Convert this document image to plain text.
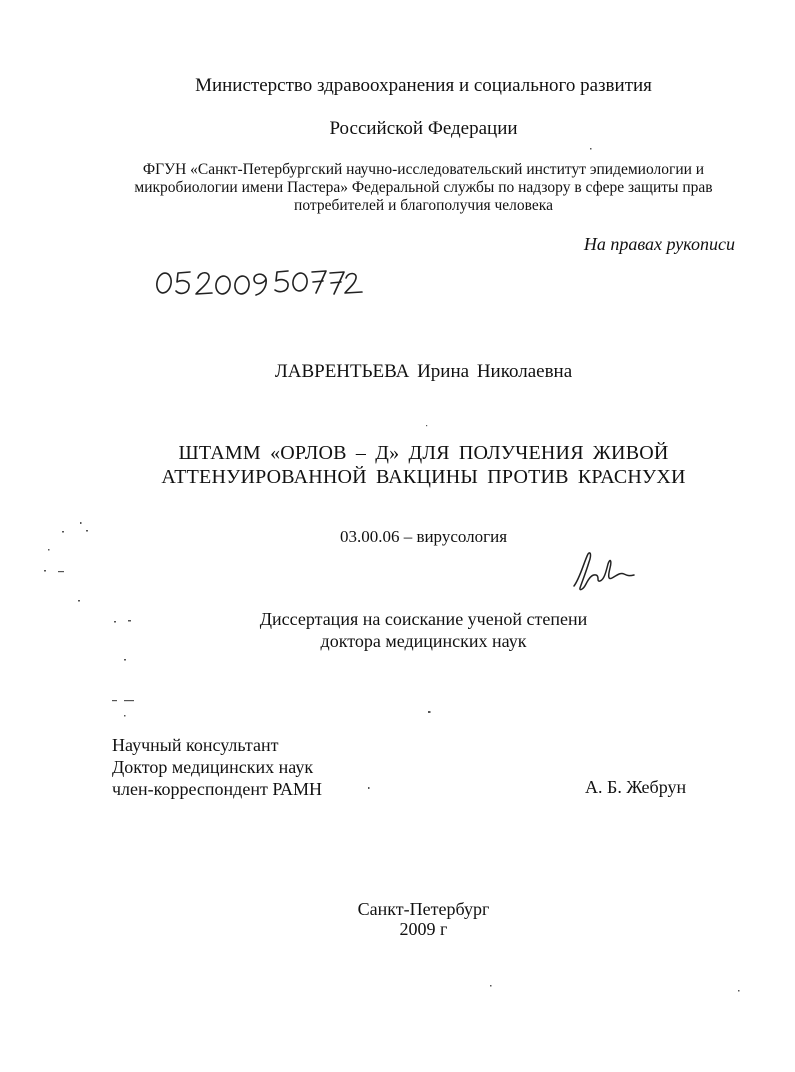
Министерство здравоохранения и социального развития
Российской Федерации
ФГУН «Санкт-Петербургский научно-исследовательский институт эпидемиологии и
микробиологии имени Пастера» Федеральной службы по надзору в сфере защиты прав
потребителей и благополучия человека
На правах рукописи
ЛАВРЕНТЬЕВА Ирина Николаевна
ШТАММ «ОРЛОВ – Д» ДЛЯ ПОЛУЧЕНИЯ ЖИВОЙ
АТТЕНУИРОВАННОЙ ВАКЦИНЫ ПРОТИВ КРАСНУХИ
03.00.06 – вирусология
Диссертация на соискание ученой степени
доктора медицинских наук
Научный консультант
Доктор медицинских наук
член-корреспондент РАМН	А. Б. Жебрун
Санкт-Петербург
2009 г
